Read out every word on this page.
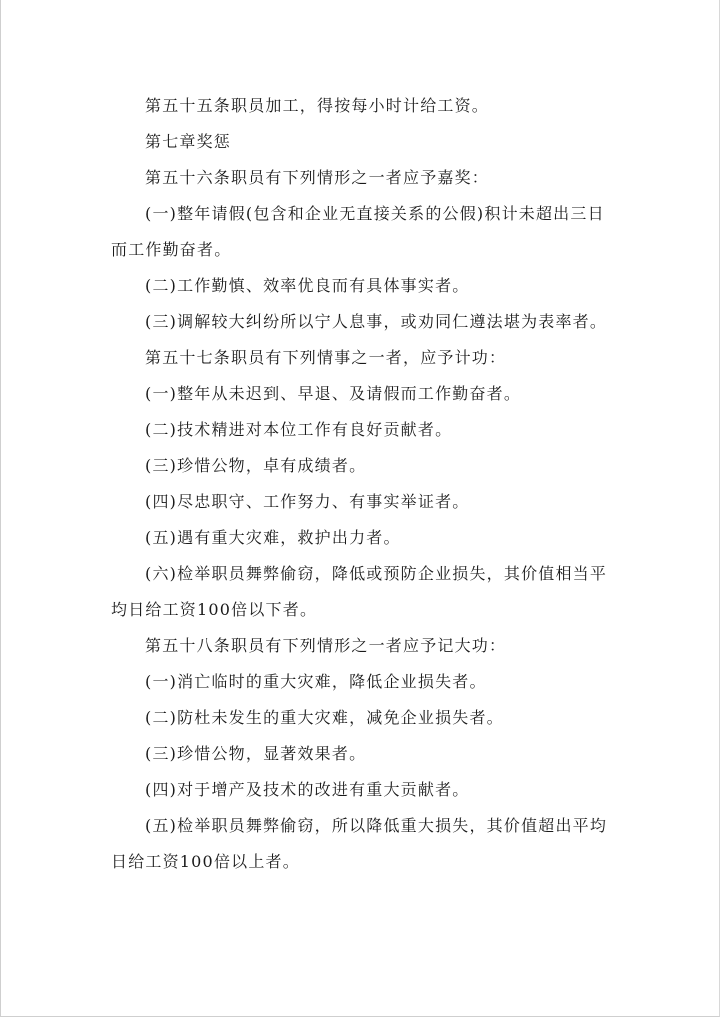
第五十五条职员加工，得按每小时计给工资。

第七章奖惩

第五十六条职员有下列情形之一者应予嘉奖：

(一)整年请假(包含和企业无直接关系的公假)积计未超出三日而工作勤奋者。

(二)工作勤慎、效率优良而有具体事实者。

(三)调解较大纠纷所以宁人息事，或劝同仁遵法堪为表率者。

第五十七条职员有下列情事之一者，应予计功：

(一)整年从未迟到、早退、及请假而工作勤奋者。

(二)技术精进对本位工作有良好贡献者。

(三)珍惜公物，卓有成绩者。

(四)尽忠职守、工作努力、有事实举证者。

(五)遇有重大灾难，救护出力者。

(六)检举职员舞弊偷窃，降低或预防企业损失，其价值相当平均日给工资100倍以下者。

第五十八条职员有下列情形之一者应予记大功：

(一)消亡临时的重大灾难，降低企业损失者。

(二)防杜未发生的重大灾难，减免企业损失者。

(三)珍惜公物，显著效果者。

(四)对于增产及技术的改进有重大贡献者。

(五)检举职员舞弊偷窃，所以降低重大损失，其价值超出平均日给工资100倍以上者。
